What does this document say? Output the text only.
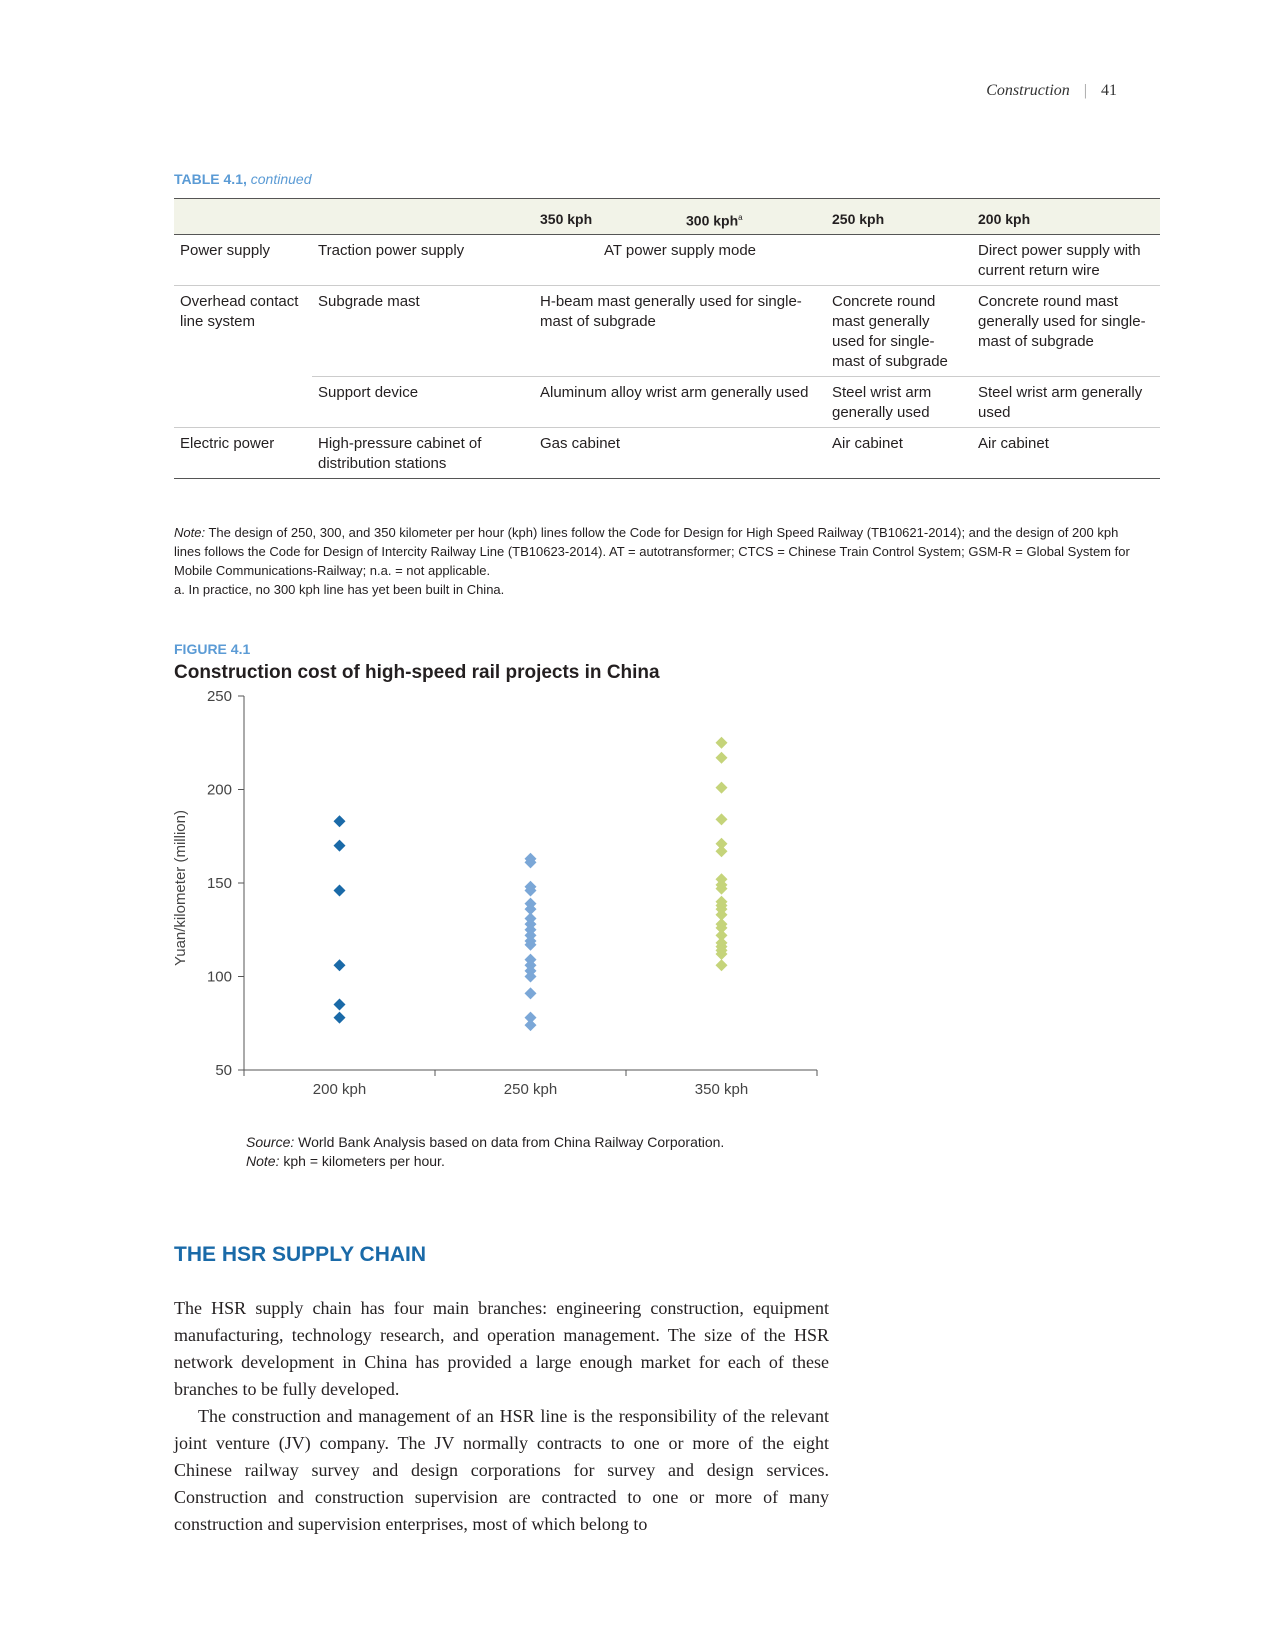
Construction | 41
TABLE 4.1, continued
		350 kph	300 kph$^a$	250 kph	200 kph
Power supply	Traction power supply	AT power supply mode			Direct power supply with current return wire
Overhead contact line system	Subgrade mast	H-beam mast generally used for single-mast of subgrade		Concrete round mast generally used for single-mast of subgrade	Concrete round mast generally used for single-mast of subgrade
	Support device	Aluminum alloy wrist arm generally used		Steel wrist arm generally used	Steel wrist arm generally used
Electric power	High-pressure cabinet of distribution stations	Gas cabinet		Air cabinet	Air cabinet
Note: The design of 250, 300, and 350 kilometer per hour (kph) lines follow the Code for Design for High Speed Railway (TB10621-2014); and the design of 200 kph lines follows the Code for Design of Intercity Railway Line (TB10623-2014). AT = autotransformer; CTCS = Chinese Train Control System; GSM-R = Global System for Mobile Communications-Railway; n.a. = not applicable.
a. In practice, no 300 kph line has yet been built in China.
FIGURE 4.1
Construction cost of high-speed rail projects in China
50
100
150
200
250
200 kph	250 kph	350 kph
Yuan/kilometer (million)
Source: World Bank Analysis based on data from China Railway Corporation.
Note: kph = kilometers per hour.
THE HSR SUPPLY CHAIN

The HSR supply chain has four main branches: engineering construction, equipment manufacturing, technology research, and operation management. The size of the HSR network development in China has provided a large enough market for each of these branches to be fully developed.

The construction and management of an HSR line is the responsibility of the relevant joint venture (JV) company. The JV normally contracts to one or more of the eight Chinese railway survey and design corporations for survey and design services. Construction and construction supervision are contracted to one or more of many construction and supervision enterprises, most of which belong to
